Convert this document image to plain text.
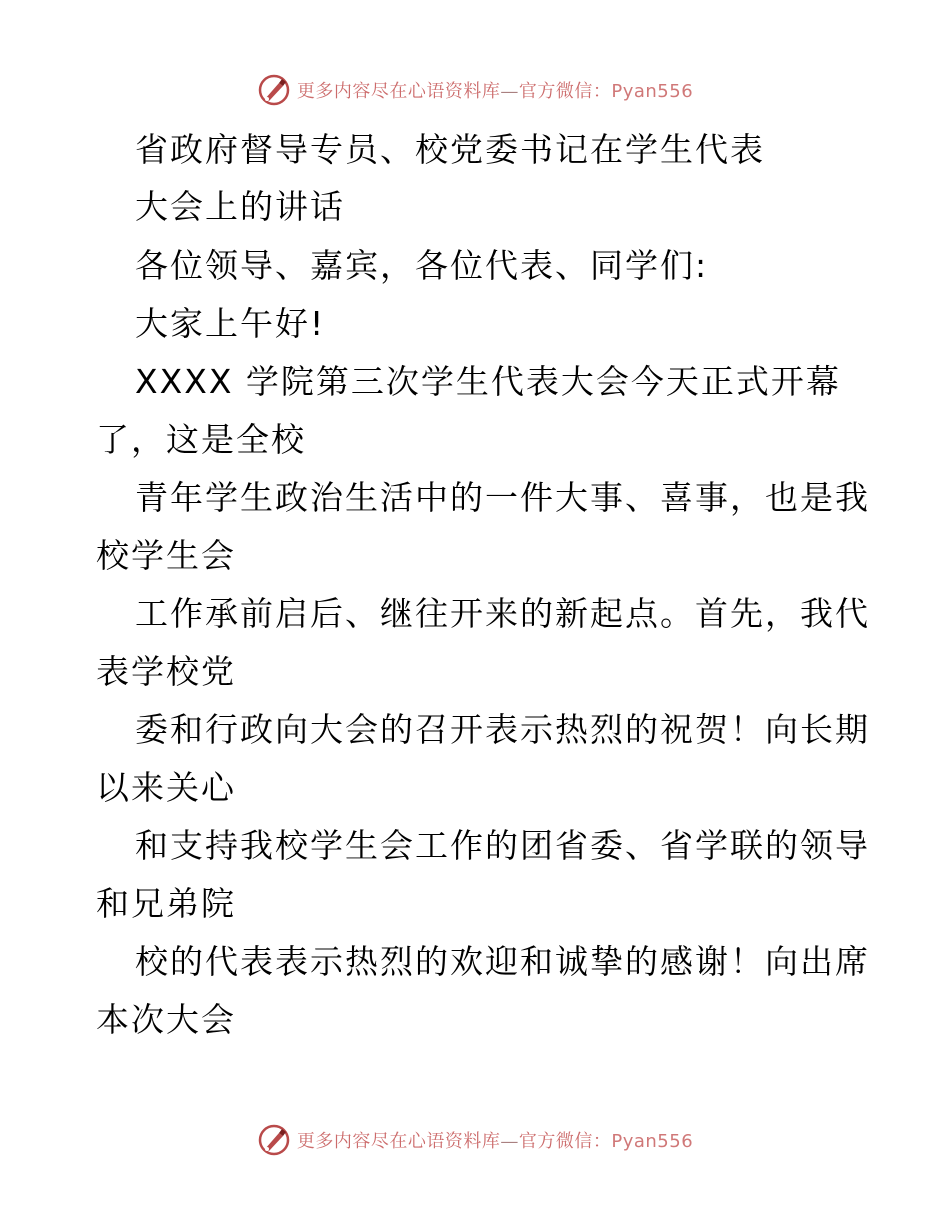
更多内容尽在心语资料库—官方微信：Pyan556
省政府督导专员、校党委书记在学生代表
大会上的讲话
各位领导、嘉宾，各位代表、同学们:
大家上午好!
XXXX 学院第三次学生代表大会今天正式开幕
了，这是全校
青年学生政治生活中的一件大事、喜事，也是我
校学生会
工作承前启后、继往开来的新起点。首先，我代
表学校党
委和行政向大会的召开表示热烈的祝贺！向长期
以来关心
和支持我校学生会工作的团省委、省学联的领导
和兄弟院
校的代表表示热烈的欢迎和诚挚的感谢！向出席
本次大会
更多内容尽在心语资料库—官方微信：Pyan556
